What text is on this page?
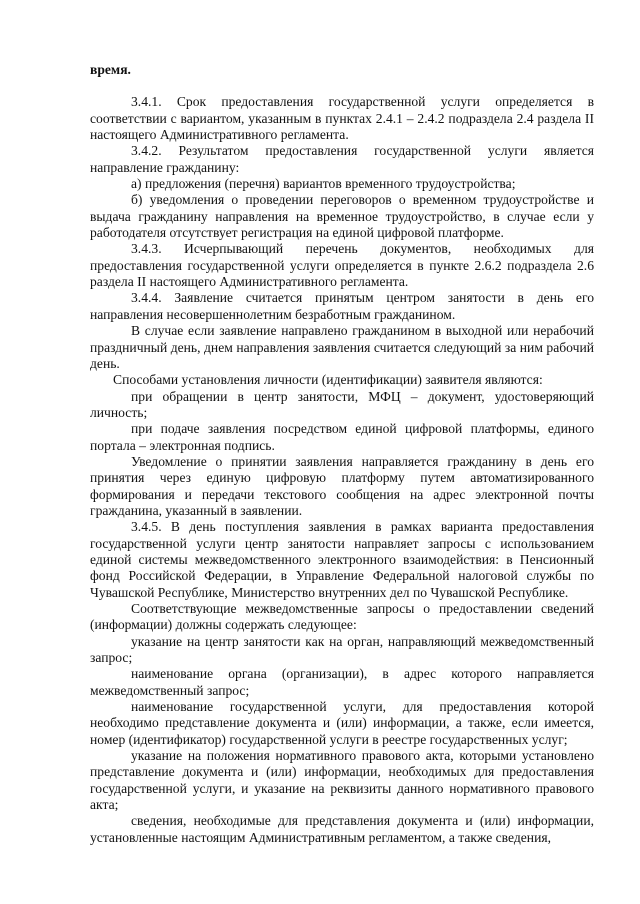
время.

3.4.1. Срок предоставления государственной услуги определяется в соответствии с вариантом, указанным в пунктах 2.4.1 – 2.4.2 подраздела 2.4 раздела II настоящего Административного регламента.

3.4.2. Результатом предоставления государственной услуги является направление гражданину:

а) предложения (перечня) вариантов временного трудоустройства;

б) уведомления о проведении переговоров о временном трудоустройстве и выдача гражданину направления на временное трудоустройство, в случае если у работодателя отсутствует регистрация на единой цифровой платформе.

3.4.3. Исчерпывающий перечень документов, необходимых для предоставления государственной услуги определяется в пункте 2.6.2 подраздела 2.6 раздела II настоящего Административного регламента.

3.4.4. Заявление считается принятым центром занятости в день его направления несовершеннолетним безработным гражданином.

В случае если заявление направлено гражданином в выходной или нерабочий праздничный день, днем направления заявления считается следующий за ним рабочий день.

Способами установления личности (идентификации) заявителя являются:

при обращении в центр занятости, МФЦ – документ, удостоверяющий личность;

при подаче заявления посредством единой цифровой платформы, единого портала – электронная подпись.

Уведомление о принятии заявления направляется гражданину в день его принятия через единую цифровую платформу путем автоматизированного формирования и передачи текстового сообщения на адрес электронной почты гражданина, указанный в заявлении.

3.4.5. В день поступления заявления в рамках варианта предоставления государственной услуги центр занятости направляет запросы с использованием единой системы межведомственного электронного взаимодействия: в Пенсионный фонд Российской Федерации, в Управление Федеральной налоговой службы по Чувашской Республике, Министерство внутренних дел по Чувашской Республике.

Соответствующие межведомственные запросы о предоставлении сведений (информации) должны содержать следующее:

указание на центр занятости как на орган, направляющий межведомственный запрос;

наименование органа (организации), в адрес которого направляется межведомственный запрос;

наименование государственной услуги, для предоставления которой необходимо представление документа и (или) информации, а также, если имеется, номер (идентификатор) государственной услуги в реестре государственных услуг;

указание на положения нормативного правового акта, которыми установлено представление документа и (или) информации, необходимых для предоставления государственной услуги, и указание на реквизиты данного нормативного правового акта;

сведения, необходимые для представления документа и (или) информации, установленные настоящим Административным регламентом, а также сведения,
